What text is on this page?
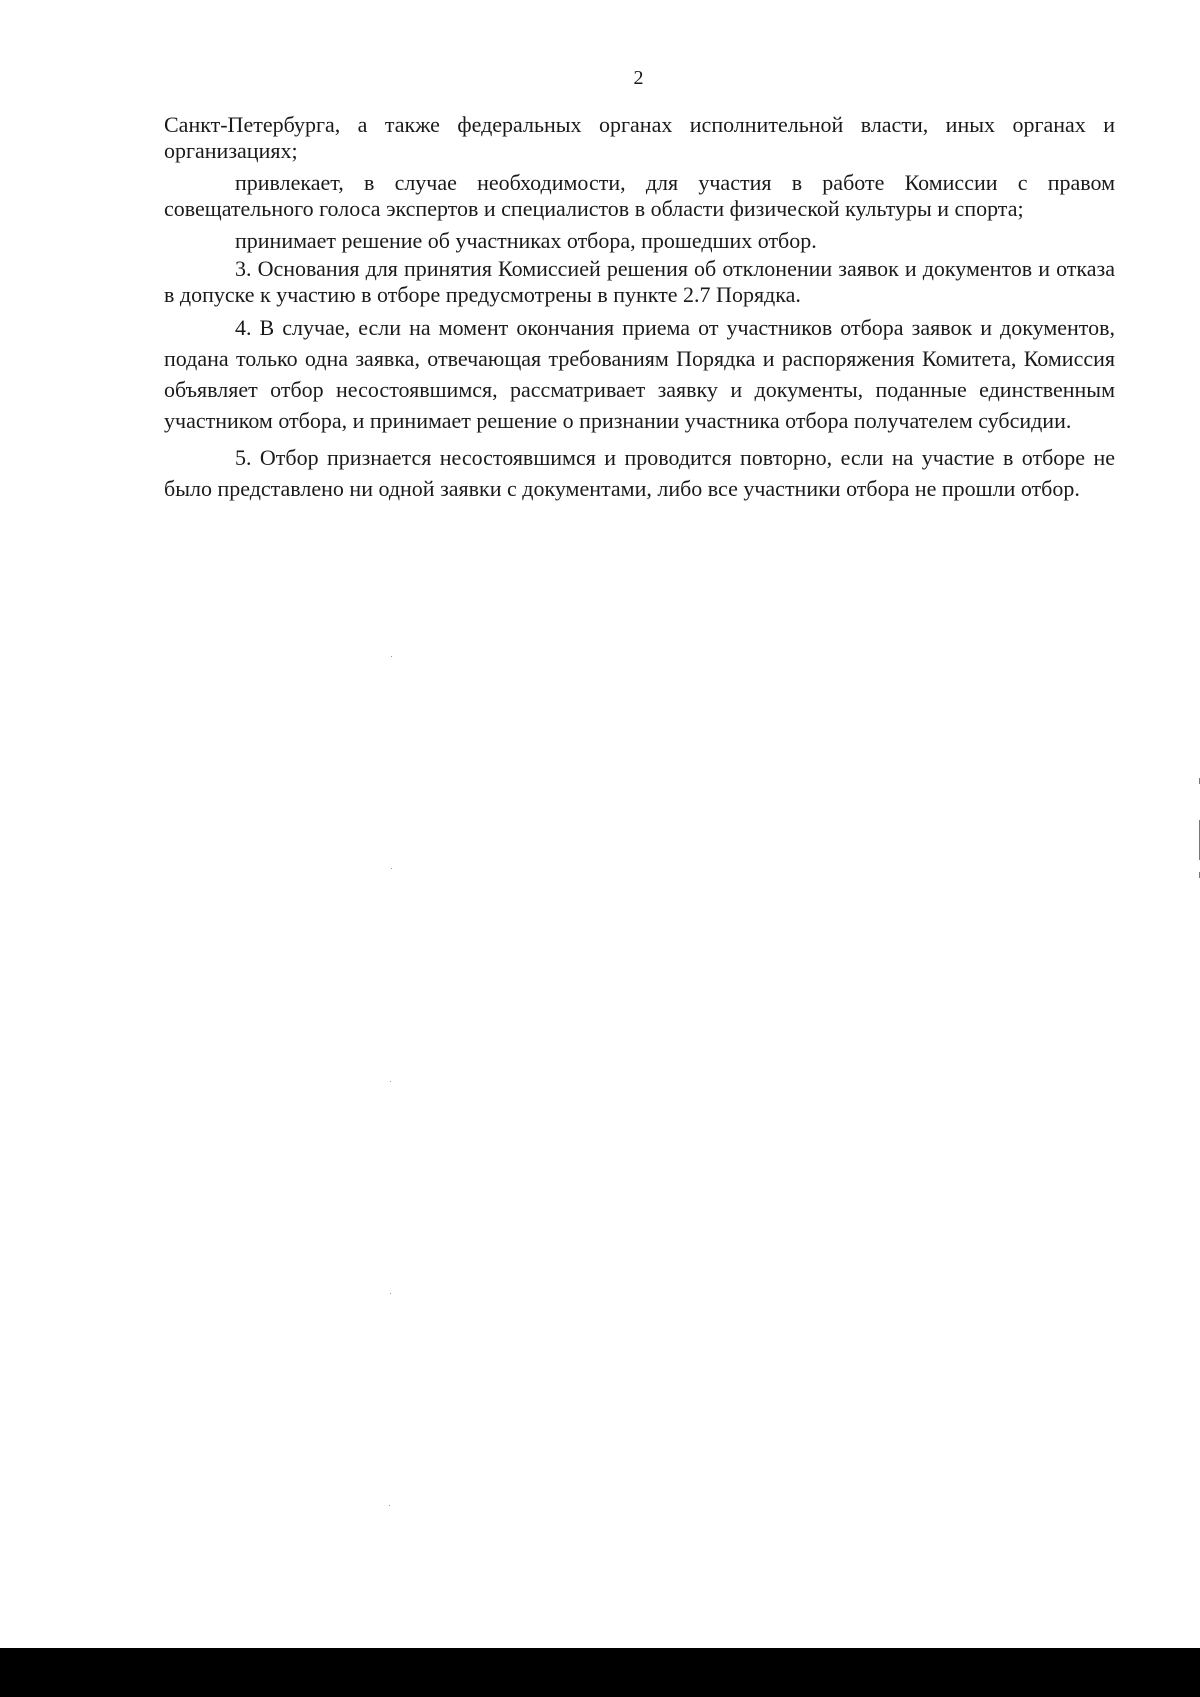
2

Санкт-Петербурга, а также федеральных органах исполнительной власти, иных органах и организациях;

привлекает, в случае необходимости, для участия в работе Комиссии с правом совещательного голоса экспертов и специалистов в области физической культуры и спорта;

принимает решение об участниках отбора, прошедших отбор.

3. Основания для принятия Комиссией решения об отклонении заявок и документов и отказа в допуске к участию в отборе предусмотрены в пункте 2.7 Порядка.

4. В случае, если на момент окончания приема от участников отбора заявок и документов, подана только одна заявка, отвечающая требованиям Порядка и распоряжения Комитета, Комиссия объявляет отбор несостоявшимся, рассматривает заявку и документы, поданные единственным участником отбора, и принимает решение о признании участника отбора получателем субсидии.

5. Отбор признается несостоявшимся и проводится повторно, если на участие в отборе не было представлено ни одной заявки с документами, либо все участники отбора не прошли отбор.
